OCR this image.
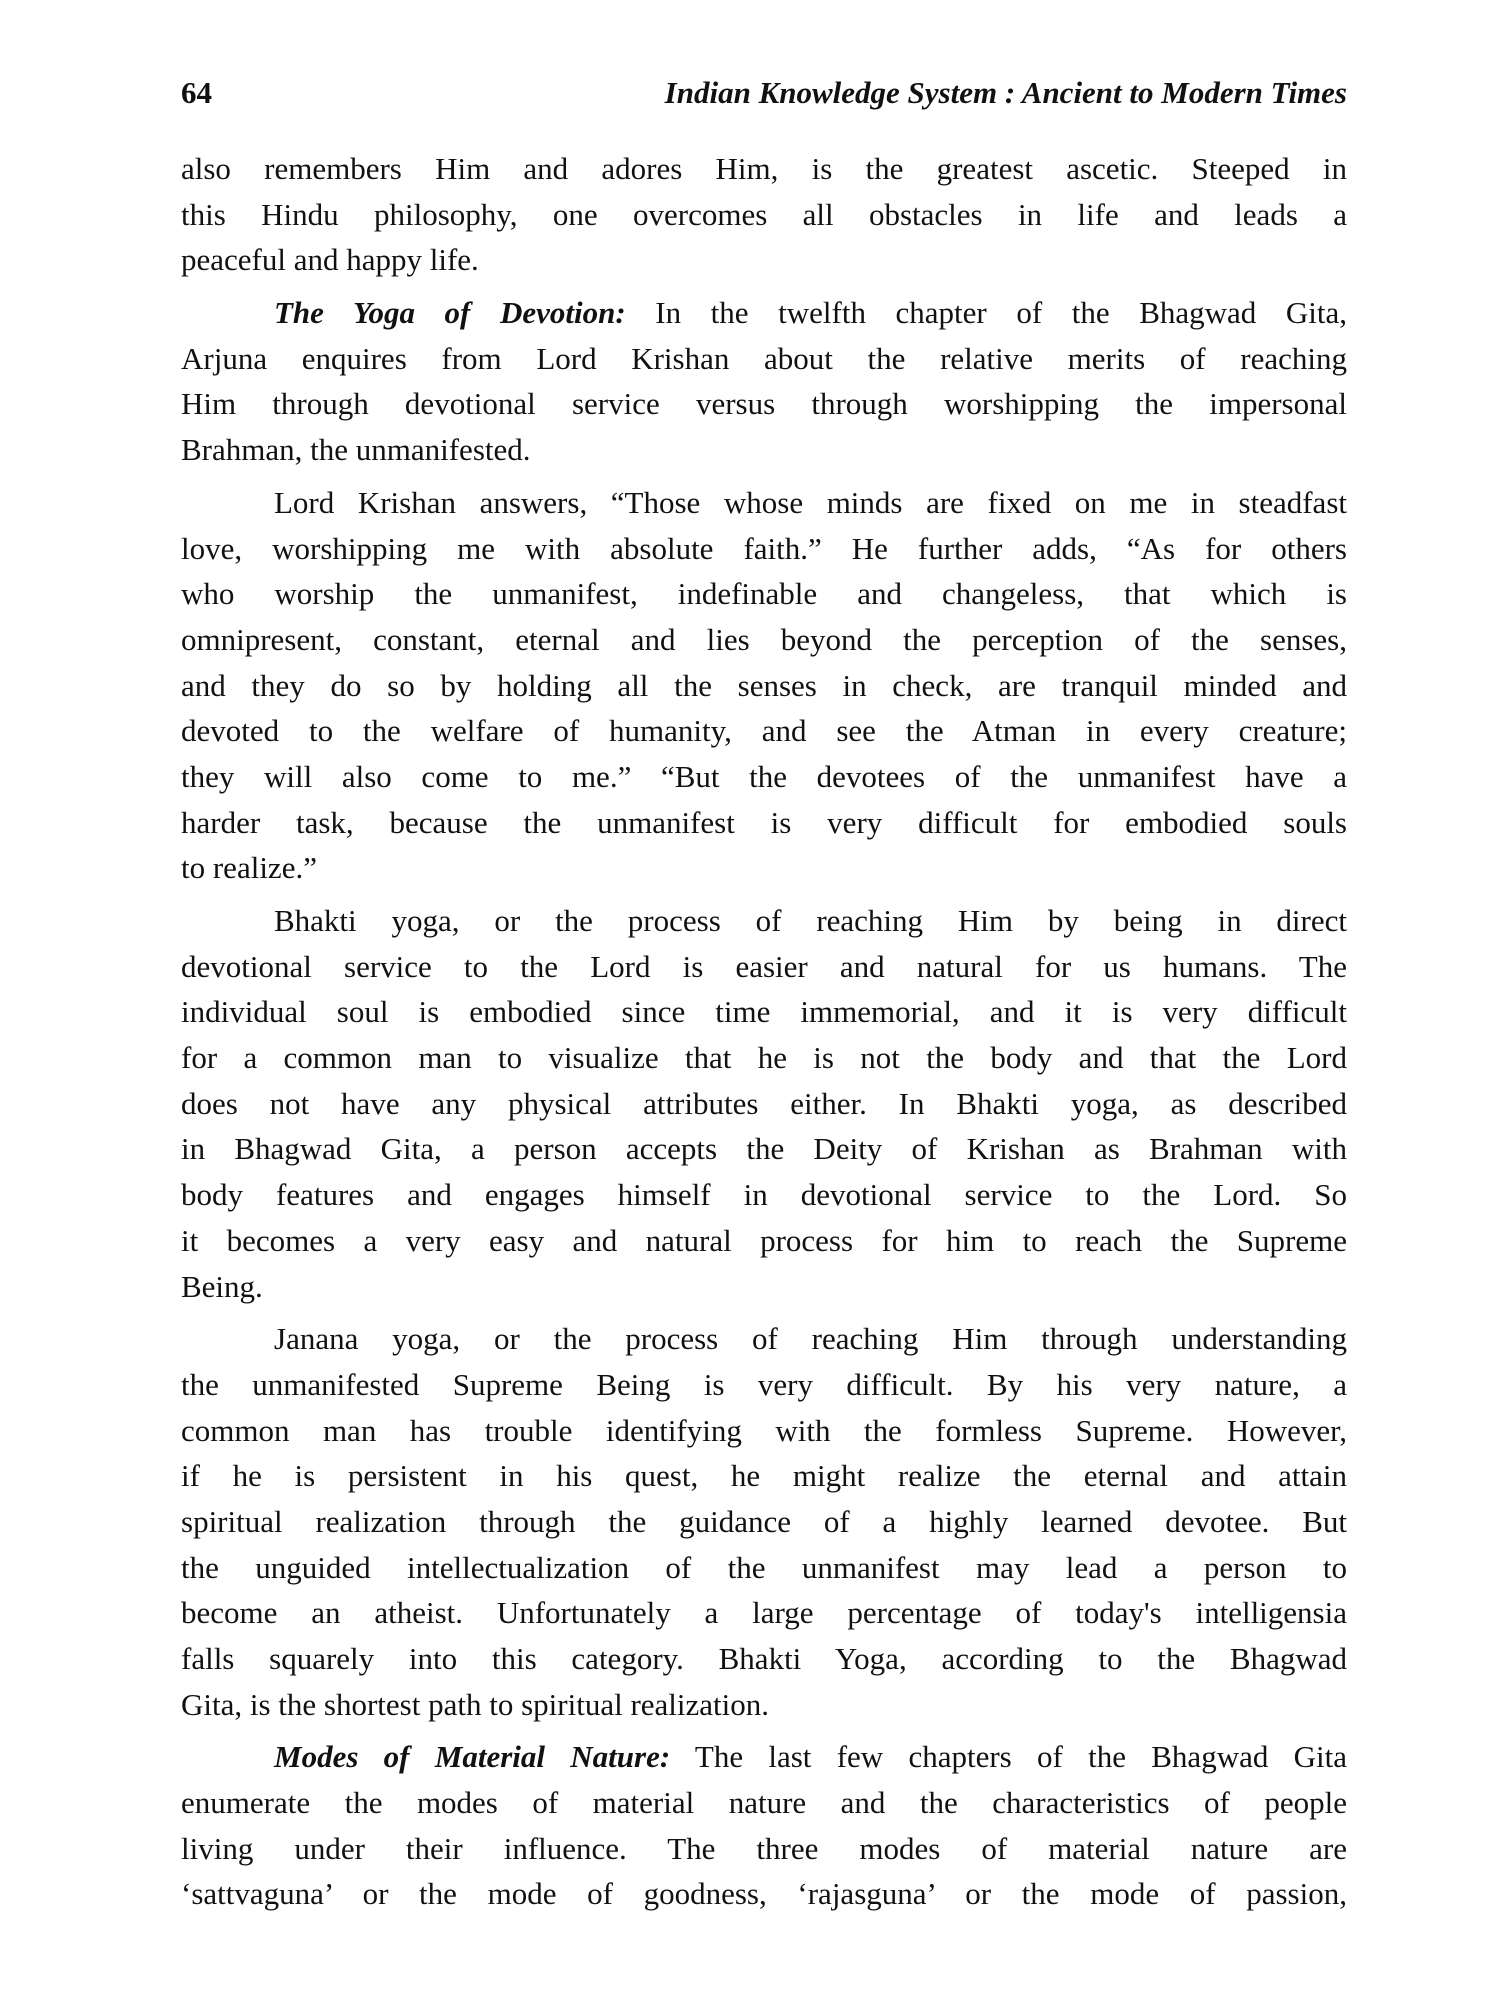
64	Indian Knowledge System : Ancient to Modern Times
also remembers Him and adores Him, is the greatest ascetic. Steeped in
this Hindu philosophy, one overcomes all obstacles in life and leads a
peaceful and happy life.
The Yoga of Devotion: In the twelfth chapter of the Bhagwad Gita,
Arjuna enquires from Lord Krishan about the relative merits of reaching
Him through devotional service versus through worshipping the impersonal
Brahman, the unmanifested.
Lord Krishan answers, “Those whose minds are fixed on me in steadfast
love, worshipping me with absolute faith.” He further adds, “As for others
who worship the unmanifest, indefinable and changeless, that which is
omnipresent, constant, eternal and lies beyond the perception of the senses,
and they do so by holding all the senses in check, are tranquil minded and
devoted to the welfare of humanity, and see the Atman in every creature;
they will also come to me.” “But the devotees of the unmanifest have a
harder task, because the unmanifest is very difficult for embodied souls
to realize.”
Bhakti yoga, or the process of reaching Him by being in direct
devotional service to the Lord is easier and natural for us humans. The
individual soul is embodied since time immemorial, and it is very difficult
for a common man to visualize that he is not the body and that the Lord
does not have any physical attributes either. In Bhakti yoga, as described
in Bhagwad Gita, a person accepts the Deity of Krishan as Brahman with
body features and engages himself in devotional service to the Lord. So
it becomes a very easy and natural process for him to reach the Supreme
Being.
Janana yoga, or the process of reaching Him through understanding
the unmanifested Supreme Being is very difficult. By his very nature, a
common man has trouble identifying with the formless Supreme. However,
if he is persistent in his quest, he might realize the eternal and attain
spiritual realization through the guidance of a highly learned devotee. But
the unguided intellectualization of the unmanifest may lead a person to
become an atheist. Unfortunately a large percentage of today's intelligensia
falls squarely into this category. Bhakti Yoga, according to the Bhagwad
Gita, is the shortest path to spiritual realization.
Modes of Material Nature: The last few chapters of the Bhagwad Gita
enumerate the modes of material nature and the characteristics of people
living under their influence. The three modes of material nature are
‘sattvaguna’ or the mode of goodness, ‘rajasguna’ or the mode of passion,
